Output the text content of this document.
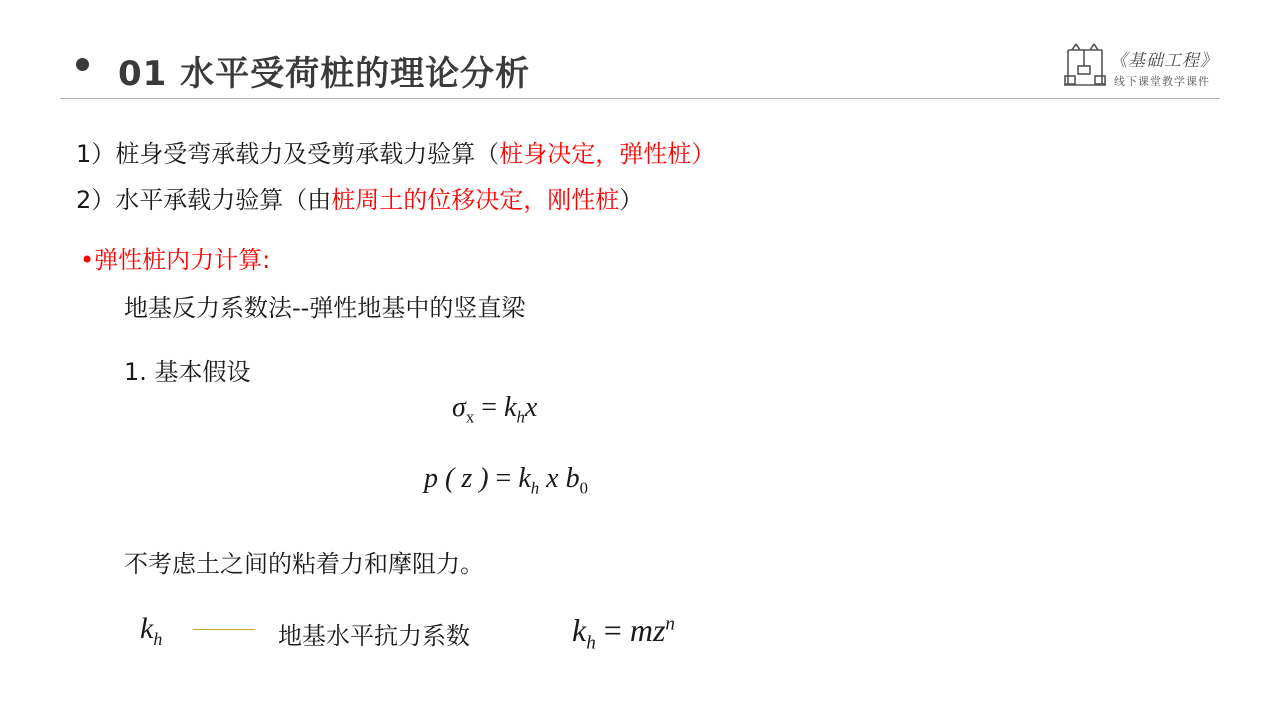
01 水平受荷桩的理论分析	《基础工程》
线下课堂教学课件
1）桩身受弯承载力及受剪承载力验算（桩身决定，弹性桩）
2）水平承载力验算（由桩周土的位移决定，刚性桩）
•弹性桩内力计算:
地基反力系数法--弹性地基中的竖直梁
1. 基本假设
$\sigma_x = k_hx$
p ( z ) = $k_h$ x $b_0$
不考虑土之间的粘着力和摩阻力。
$k_h$	地基水平抗力系数	$k_h = mz^n$
